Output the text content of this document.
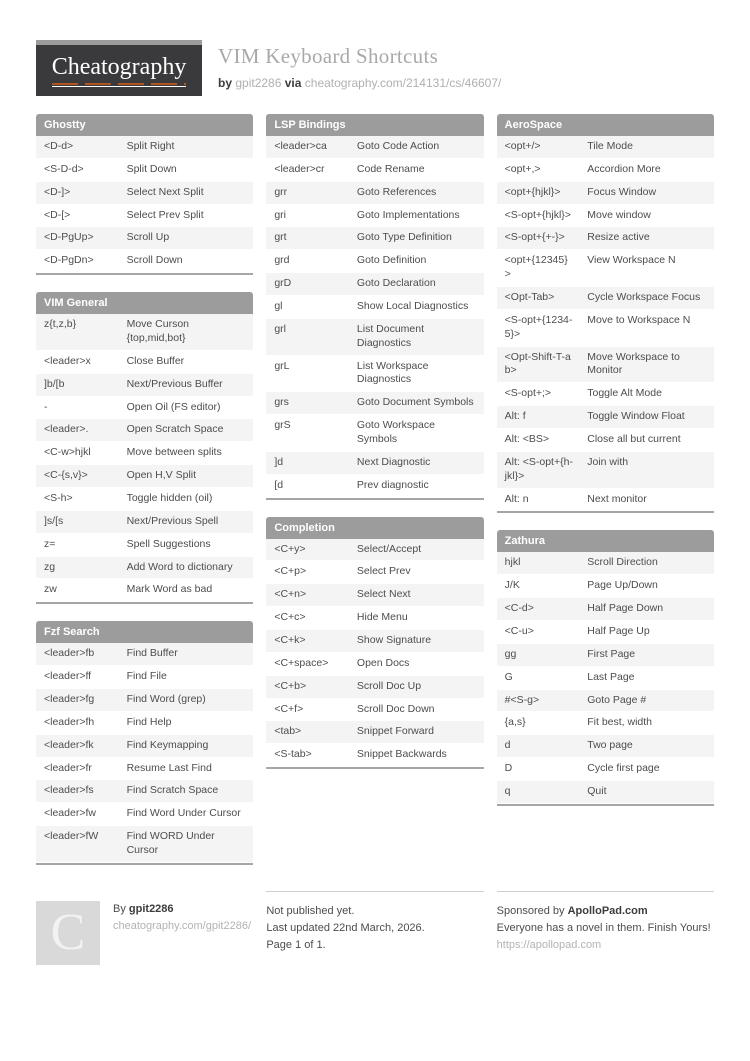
Cheatography VIM Keyboard Shortcuts
by gpit2286 via cheatography.com/214131/cs/46607/
Ghostty
<D-d>	Split Right
<S-D-d>	Split Down
<D-]>	Select Next Split
<D-[>	Select Prev Split
<D-PgUp>	Scroll Up
<D-PgDn>	Scroll Down
VIM General
z{t,z,b}	Move Curson {top,mid,bot}
<leader>x	Close Buffer
]b/[b	Next/Previous Buffer
-	Open Oil (FS editor)
<leader>.	Open Scratch Space
<C-w>hjkl	Move between splits
<C-{s,v}>	Open H,V Split
<S-h>	Toggle hidden (oil)
]s/[s	Next/Previous Spell
z=	Spell Suggestions
zg	Add Word to dictionary
zw	Mark Word as bad
Fzf Search
<leader>fb	Find Buffer
<leader>ff	Find File
<leader>fg	Find Word (grep)
<leader>fh	Find Help
<leader>fk	Find Keymapping
<leader>fr	Resume Last Find
<leader>fs	Find Scratch Space
<leader>fw	Find Word Under Cursor
<leader>fW	Find WORD Under Cursor
LSP Bindings
<leader>ca	Goto Code Action
<leader>cr	Code Rename
grr	Goto References
gri	Goto Implementations
grt	Goto Type Definition
grd	Goto Definition
grD	Goto Declaration
gl	Show Local Diagnostics
grl	List Document Diagnostics
grL	List Workspace Diagnostics
grs	Goto Document Symbols
grS	Goto Workspace Symbols
]d	Next Diagnostic
[d	Prev diagnostic
Completion
<C+y>	Select/Accept
<C+p>	Select Prev
<C+n>	Select Next
<C+c>	Hide Menu
<C+k>	Show Signature
<C+space>	Open Docs
<C+b>	Scroll Doc Up
<C+f>	Scroll Doc Down
<tab>	Snippet Forward
<S-tab>	Snippet Backwards
AeroSpace
<opt+/>	Tile Mode
<opt+,>	Accordion More
<opt+{hjkl}>	Focus Window
<S-opt+{hjkl}>	Move window
<S-opt+{+-}>	Resize active
<opt+{12345}>	View Workspace N
<Opt-Tab>	Cycle Workspace Focus
<S-opt+{1234-5}>	Move to Workspace N
<Opt-Shift-T-ab>	Move Workspace to Monitor
<S-opt+;>	Toggle Alt Mode
Alt: f	Toggle Window Float
Alt: <BS>	Close all but current
Alt: <S-opt+{h-jkl}>	Join with
Alt: n	Next monitor
Zathura
hjkl	Scroll Direction
J/K	Page Up/Down
<C-d>	Half Page Down
<C-u>	Half Page Up
gg	First Page
G	Last Page
#<S-g>	Goto Page #
{a,s}	Fit best, width
d	Two page
D	Cycle first page
q	Quit
C	By gpit2286
cheatography.com/gpit2286/
Not published yet.
Last updated 22nd March, 2026.
Page 1 of 1.
Sponsored by ApolloPad.com
Everyone has a novel in them. Finish Yours!
https://apollopad.com
